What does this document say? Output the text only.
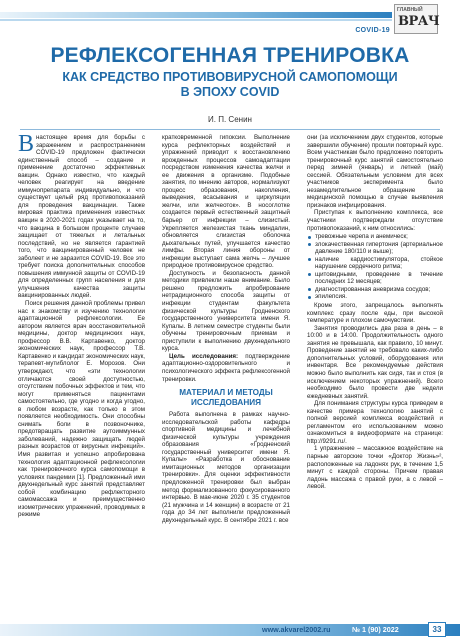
COVID-19
ГЛАВНЫЙ
ВРАЧ
РЕФЛЕКСОГЕННАЯ ТРЕНИРОВКА
КАК СРЕДСТВО ПРОТИВОВИРУСНОЙ САМОПОМОЩИ
В ЭПОХУ COVID
И. П. Сенин

Внастоящее время для борьбы с заражением и распространением COVID-19 предложен фактически единственный способ – создание и применение достаточно эффективных вакцин. Однако известно, что каждый человек реагирует на введение иммунопрепарата индивидуально, и что существует целый ряд противопоказаний для проведения вакцинации. Также мировая практика применения известных вакцин в 2020-2021 годах указывает на то, что вакцина в большом проценте случаев защищает от тяжелых и летальных последствий, но не является гарантией того, что вакцинированный человек не заболеет и не заразится COVID-19. Все это требует поиска дополнительных способов повышения иммунной защиты от COVID-19 для определенных групп населения и для улучшения качества защиты вакцинированных людей.

Поиск решения данной проблемы привел нас к знакомству и изучению технологии адаптационной рефлексологии. Ее автором является врач восстановительной медицины, доктор медицинских наук, профессор В.В. Картавенко, доктор экономических наук, профессор Т.В. Картавенко и кандидат экономических наук, терапевт-мутиблолог Е. Морозов. Они утверждают, что «эти технологии отличаются своей доступностью, отсутствием побочных эффектов и тем, что могут применяться пациентами самостоятельно, где угодно и когда угодно, в любом возрасте, как только в этом появляется необходимость. Они способны снимать боли в позвоночнике, предотвращать развитие аутоиммунных заболеваний, надежно защищать людей разных возрастов от вирусных инфекций». Имя развитая и успешно апробирована технология адаптационной рефлексологии как тренировочного курса самопомощи в условиях пандемии [1]. Предложенный ими двухнедельный курс занятий представляет собой комбинацию рефлекторного самомассажа и преимущественно изометрических упражнений, проводимых в режиме

кратковременной гипоксии. Выполнение курса рефлекторных воздействий и упражнений приводит к восстановлению врожденных процессов самоадаптации посредством изменения качества желчи и ее движения в организме. Подобные занятия, по мнению авторов, нормализуют процесс образования, накопления, выведения, всасывания и циркуляции желчи, или желчеоток». В носоглотке создается первый естественный защитный барьер от инфекции – слизистый. Укрепляется железистая ткань миндалин, обновляется слизистая оболочка дыхательных путей, улучшается качество лимфы. Вторая линия обороны от инфекции выступает сама желчь – лучшее природное противовирусное средство.

Доступность и безопасность данной методики привлекли наше внимание. Было решено предложить апробирование нетрадиционного способа защиты от инфекции студентам факультета физической культуры Гродненского государственного университета имени Я. Купалы. В летнем семестре студенты были обучены тренировочным приемам и приступили к выполнению двухнедельного курса.

Цель исследования: подтверждение адаптационно-оздоровительного и психологического эффекта рефлексогенной тренировки.

МАТЕРИАЛ И МЕТОДЫ ИССЛЕДОВАНИЯ

Работа выполнена в рамках научно-исследовательской работы кафедры спортивной медицины и лечебной физической культуры учреждения образования «Гродненский государственный университет имени Я. Купалы» «Разработка и обоснование имитационных методов организации тренировки». Для оценки эффективности предложенной тренировки был выбран метод формализованного фокусированного интервью. В мае-июне 2020 г. 35 студентов (21 мужчина и 14 женщин) в возрасте от 21 года до 34 лет выполнили предложенный двухнедельный курс. В сентябре 2021 г. все

они (за исключением двух студентов, которые завершили обучение) прошли повторный курс. Всем участникам было предложено повторить тренировочный курс занятий самостоятельно перед зимней (январь) и летней (май) сессией. Обязательным условием для всех участников эксперимента было незамедлительное обращение за медицинской помощью в случае выявления признаков инфицирования.

Приступая к выполнению комплекса, все участники подтверждали отсутствие противопоказаний, к ним относились:

тревожные черепа и анемическ;
злокачественная гипертония (артериальное давление 180/110 и выше);
наличие кардиостимулятора, стойкое нарушение сердечного ритма;
щитовидными, проведение в течение последних 12 месяцев;
диагностированная аневризма сосудов;
эпилепсия.

Кроме этого, запрещалось выполнять комплекс сразу после еды, при высокой температуре и плохом самочувствии.

Занятия проводились два раза в день – в 10:00 и в 14:00. Продолжительность одного занятия не превышала, как правило, 10 минут. Проведение занятий не требовало каких-либо дополнительных условий, оборудования или инвентаря. Все рекомендуемые действия можно было выполнить как сидя, так и стоя (в исключением некоторых упражнений). Всего необходимо было провести две недели ежедневных занятий.

Для понимания структуры курса приведем в качестве примера технологию занятий с полной версией комплекса воздействий и регламентом его использованием можно ознакомиться в видеоформате на странице: http://9291.ru/.

1 упражнение – массажное воздействие на парные авторские точки «Доктор Жизнь»², расположенные на ладонях рук, в течение 1,5 минут с каждой стороны. Причем правая ладонь массажа с правой руки, а с левой – левой.

www.akvarel2002.ru	№ 1 (90) 2022	33
